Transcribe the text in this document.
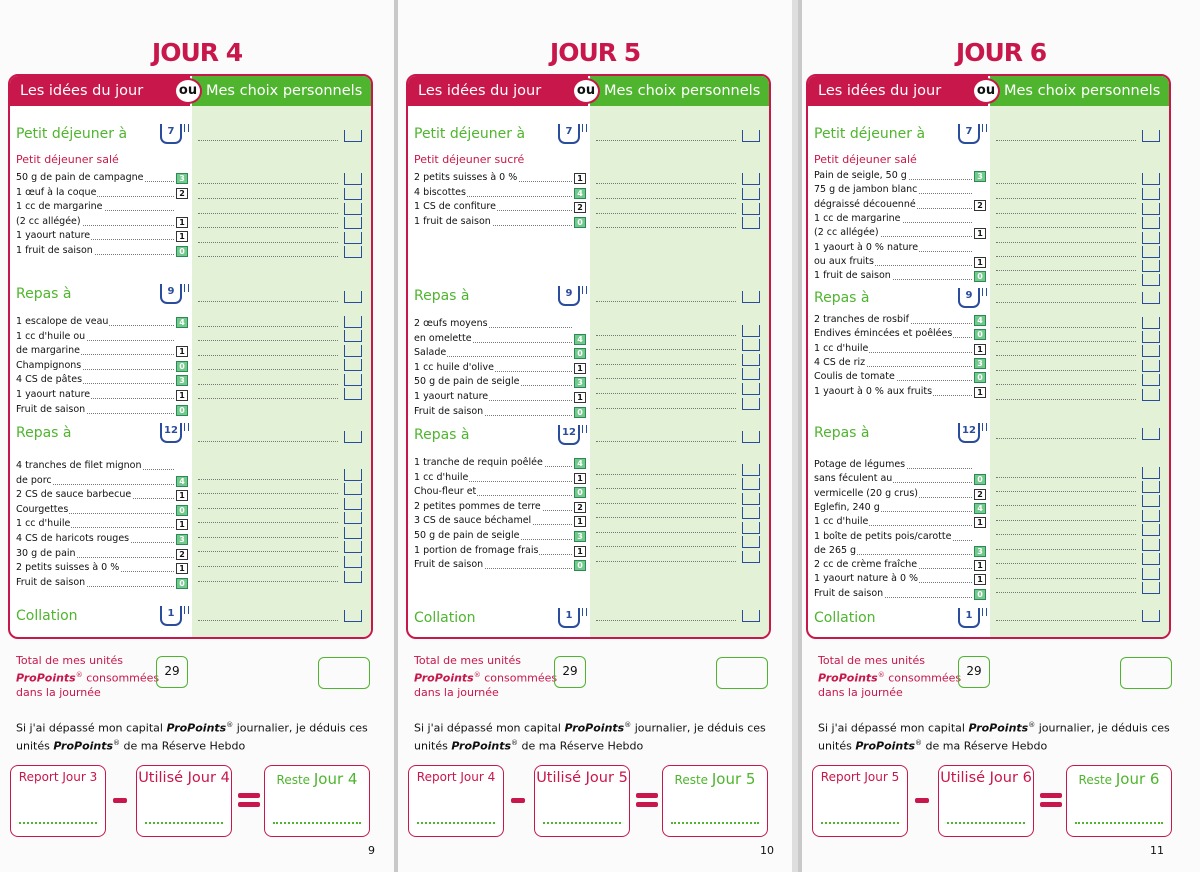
JOUR 4
Les idées du jour	Mes choix personnels
ou
Petit déjeuner à	7
Petit déjeuner salé
50 g de pain de campagne	3
1 œuf à la coque	2
1 cc de margarine
(2 cc allégée)	1
1 yaourt nature	1
1 fruit de saison	0
Repas à	9
1 escalope de veau	4
1 cc d'huile ou
de margarine	1
Champignons	0
4 CS de pâtes	3
1 yaourt nature	1
Fruit de saison	0
Repas à	12
4 tranches de filet mignon
de porc	4
2 CS de sauce barbecue	1
Courgettes	0
1 cc d'huile	1
4 CS de haricots rouges	3
30 g de pain	2
2 petits suisses à 0 %	1
Fruit de saison	0
Collation	1
Total de mes unités
ProPoints® consommées
dans la journée
29
Si j'ai dépassé mon capital ProPoints® journalier, je déduis ces
unités ProPoints® de ma Réserve Hebdo
Report Jour 3	Utilisé Jour 4	Reste Jour 4
9
JOUR 5
Les idées du jour	Mes choix personnels
ou
Petit déjeuner à	7
Petit déjeuner sucré
2 petits suisses à 0 %	1
4 biscottes	4
1 CS de confiture	2
1 fruit de saison	0
Repas à	9
2 œufs moyens
en omelette	4
Salade	0
1 cc huile d'olive	1
50 g de pain de seigle	3
1 yaourt nature	1
Fruit de saison	0
Repas à	12
1 tranche de requin poêlée	4
1 cc d'huile	1
Chou-fleur et	0
2 petites pommes de terre	2
3 CS de sauce béchamel	1
50 g de pain de seigle	3
1 portion de fromage frais	1
Fruit de saison	0
Collation	1
Total de mes unités
ProPoints® consommées
dans la journée
29
Si j'ai dépassé mon capital ProPoints® journalier, je déduis ces
unités ProPoints® de ma Réserve Hebdo
Report Jour 4	Utilisé Jour 5	Reste Jour 5
10
JOUR 6
Les idées du jour	Mes choix personnels
ou
Petit déjeuner à	7
Petit déjeuner salé
Pain de seigle, 50 g	3
75 g de jambon blanc
dégraissé découenné	2
1 cc de margarine
(2 cc allégée)	1
1 yaourt à 0 % nature
ou aux fruits	1
1 fruit de saison	0
Repas à	9
2 tranches de rosbif	4
Endives émincées et poêlées	0
1 cc d'huile	1
4 CS de riz	3
Coulis de tomate	0
1 yaourt à 0 % aux fruits	1
Repas à	12
Potage de légumes
sans féculent au	0
vermicelle (20 g crus)	2
Eglefin, 240 g	4
1 cc d'huile	1
1 boîte de petits pois/carotte
de 265 g	3
2 cc de crème fraîche	1
1 yaourt nature à 0 %	1
Fruit de saison	0
Collation	1
Total de mes unités
ProPoints® consommées
dans la journée
29
Si j'ai dépassé mon capital ProPoints® journalier, je déduis ces
unités ProPoints® de ma Réserve Hebdo
Report Jour 5	Utilisé Jour 6	Reste Jour 6
11
